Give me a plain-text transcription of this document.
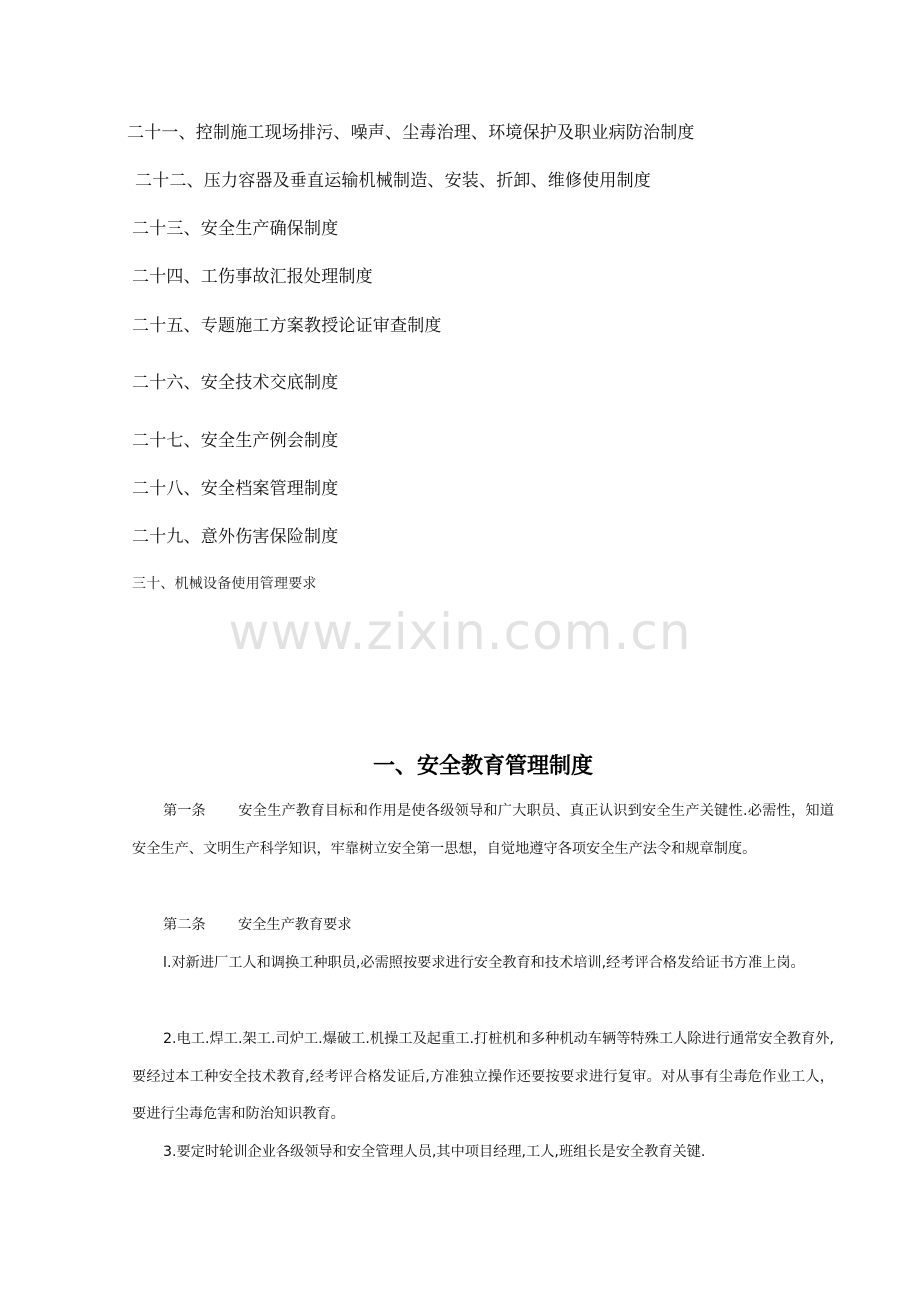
二十一、控制施工现场排污、噪声、尘毒治理、环境保护及职业病防治制度
二十二、压力容器及垂直运输机械制造、安装、折卸、维修使用制度
二十三、安全生产确保制度
二十四、工伤事故汇报处理制度
二十五、专题施工方案教授论证审查制度
二十六、安全技术交底制度
二十七、安全生产例会制度
二十八、安全档案管理制度
二十九、意外伤害保险制度
三十、机械设备使用管理要求
www.zixin.com.cn
一、安全教育管理制度

第一条 安全生产教育目标和作用是使各级领导和广大职员、真正认识到安全生产关键性.必需性，知道安全生产、文明生产科学知识，牢靠树立安全第一思想，自觉地遵守各项安全生产法令和规章制度。

第二条 安全生产教育要求

l.对新进厂工人和调换工种职员,必需照按要求进行安全教育和技术培训,经考评合格发给证书方准上岗。

2.电工.焊工.架工.司炉工.爆破工.机操工及起重工.打桩机和多种机动车辆等特殊工人除进行通常安全教育外,要经过本工种安全技术教育,经考评合格发证后,方准独立操作还要按要求进行复审。对从事有尘毒危作业工人，要进行尘毒危害和防治知识教育。

3.要定时轮训企业各级领导和安全管理人员,其中项目经理,工人,班组长是安全教育关键.
